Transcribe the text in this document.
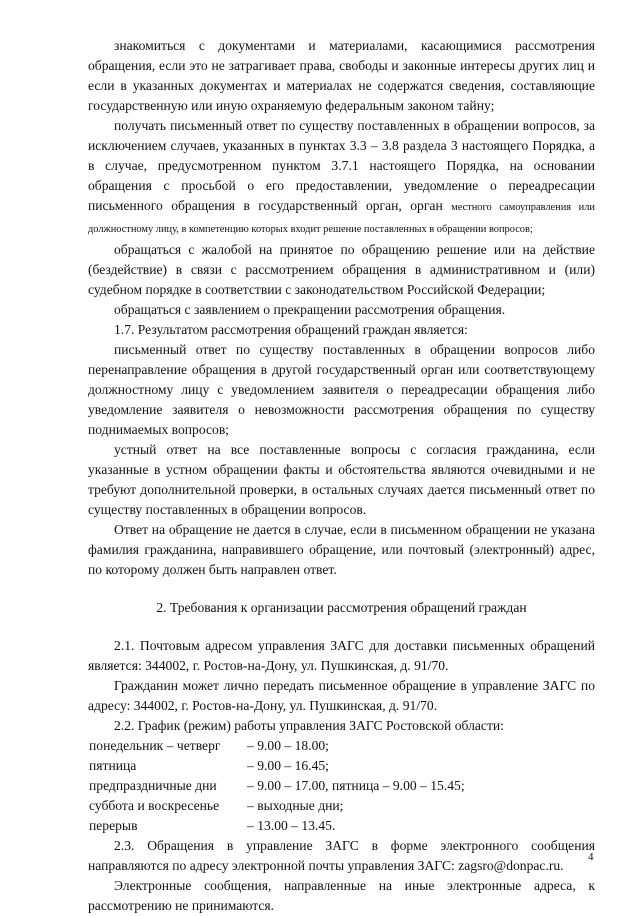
знакомиться с документами и материалами, касающимися рассмотрения обращения, если это не затрагивает права, свободы и законные интересы других лиц и если в указанных документах и материалах не содержатся сведения, составляющие государственную или иную охраняемую федеральным законом тайну;

получать письменный ответ по существу поставленных в обращении вопросов, за исключением случаев, указанных в пунктах 3.3 – 3.8 раздела 3 настоящего Порядка, а в случае, предусмотренном пунктом 3.7.1 настоящего Порядка, на основании обращения с просьбой о его предоставлении, уведомление о переадресации письменного обращения в государственный орган, орган местного самоуправления или должностному лицу, в компетенцию которых входит решение поставленных в обращении вопросов;

обращаться с жалобой на принятое по обращению решение или на действие (бездействие) в связи с рассмотрением обращения в административном и (или) судебном порядке в соответствии с законодательством Российской Федерации;

обращаться с заявлением о прекращении рассмотрения обращения.

1.7. Результатом рассмотрения обращений граждан является:

письменный ответ по существу поставленных в обращении вопросов либо перенаправление обращения в другой государственный орган или соответствующему должностному лицу с уведомлением заявителя о переадресации обращения либо уведомление заявителя о невозможности рассмотрения обращения по существу поднимаемых вопросов;

устный ответ на все поставленные вопросы с согласия гражданина, если указанные в устном обращении факты и обстоятельства являются очевидными и не требуют дополнительной проверки, в остальных случаях дается письменный ответ по существу поставленных в обращении вопросов.

Ответ на обращение не дается в случае, если в письменном обращении не указана фамилия гражданина, направившего обращение, или почтовый (электронный) адрес, по которому должен быть направлен ответ.

2. Требования к организации рассмотрения обращений граждан

2.1. Почтовым адресом управления ЗАГС для доставки письменных обращений является: 344002, г. Ростов-на-Дону, ул. Пушкинская, д. 91/70.

Гражданин может лично передать письменное обращение в управление ЗАГС по адресу: 344002, г. Ростов-на-Дону, ул. Пушкинская, д. 91/70.

2.2. График (режим) работы управления ЗАГС Ростовской области:

понедельник – четверг	– 9.00 – 18.00;
пятница	– 9.00 – 16.45;
предпраздничные дни	– 9.00 – 17.00, пятница – 9.00 – 15.45;
суббота и воскресенье	– выходные дни;
перерыв	– 13.00 – 13.45.

2.3. Обращения в управление ЗАГС в форме электронного сообщения направляются по адресу электронной почты управления ЗАГС: zagsro@donpac.ru.

Электронные сообщения, направленные на иные электронные адреса, к рассмотрению не принимаются.

4
